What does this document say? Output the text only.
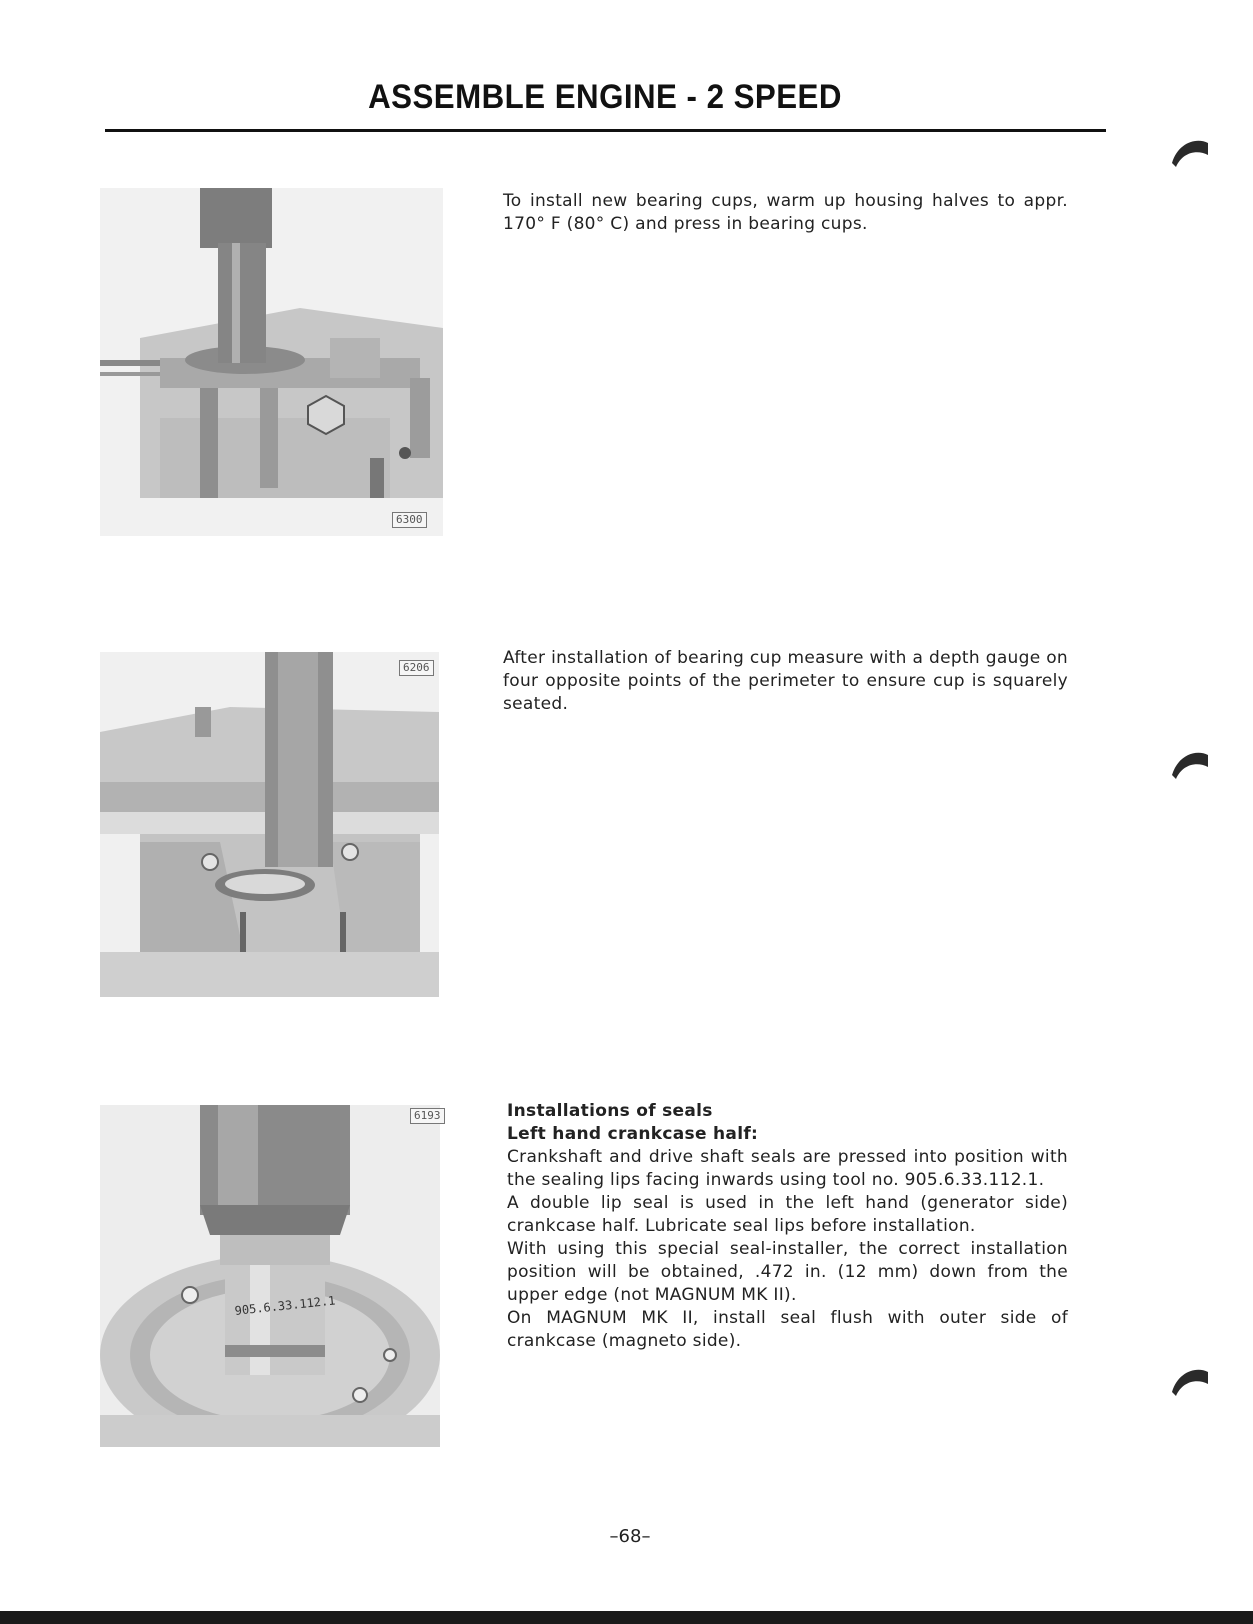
ASSEMBLE ENGINE - 2 SPEED
6300

To install new bearing cups, warm up housing halves to appr. 170° F (80° C) and press in bearing cups.

6206	After installation of bearing cup measure with a depth gauge on four opposite points of the perimeter to ensure cup is squarely seated.

905.6.33.112.1
6193	Installations of seals

Left hand crankcase half:

Crankshaft and drive shaft seals are pressed into position with the sealing lips facing inwards using tool no. 905.6.33.112.1.

A double lip seal is used in the left hand (generator side) crankcase half. Lubricate seal lips before installation.

With using this special seal-installer, the correct installation position will be obtained, .472 in. (12 mm) down from the upper edge (not MAGNUM MK II).

On MAGNUM MK II, install seal flush with outer side of crankcase (magneto side).

–68–
